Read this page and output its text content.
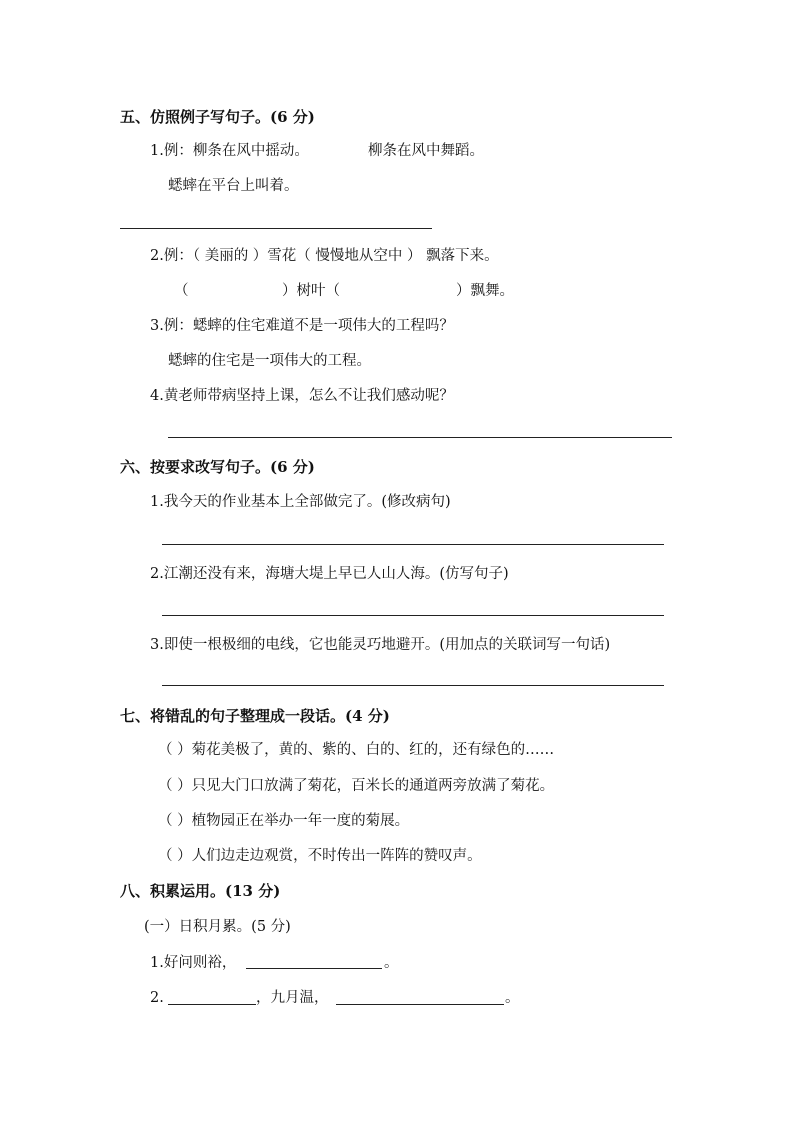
五、仿照例子写句子。(6 分)
1.例：柳条在风中摇动。	柳条在风中舞蹈。
蟋蟀在平台上叫着。
2.例：（ 美丽的 ）雪花（ 慢慢地从空中 ） 飘落下来。
（	）树叶（	）飘舞。
3.例：蟋蟀的住宅难道不是一项伟大的工程吗？
蟋蟀的住宅是一项伟大的工程。
4.黄老师带病坚持上课，怎么不让我们感动呢？
六、按要求改写句子。(6 分)
1.我今天的作业基本上全部做完了。(修改病句)
2.江潮还没有来，海塘大堤上早已人山人海。(仿写句子)
3.即使一根极细的电线，它也能灵巧地避开。(用加点的关联词写一句话)
七、将错乱的句子整理成一段话。(4 分)
（ ）菊花美极了，黄的、紫的、白的、红的，还有绿色的……
（ ）只见大门口放满了菊花，百米长的通道两旁放满了菊花。
（ ）植物园正在举办一年一度的菊展。
（ ）人们边走边观赏，不时传出一阵阵的赞叹声。
八、积累运用。(13 分)
(一）日积月累。(5 分)
1.好问则裕，	。
2.	，九月温，	。
